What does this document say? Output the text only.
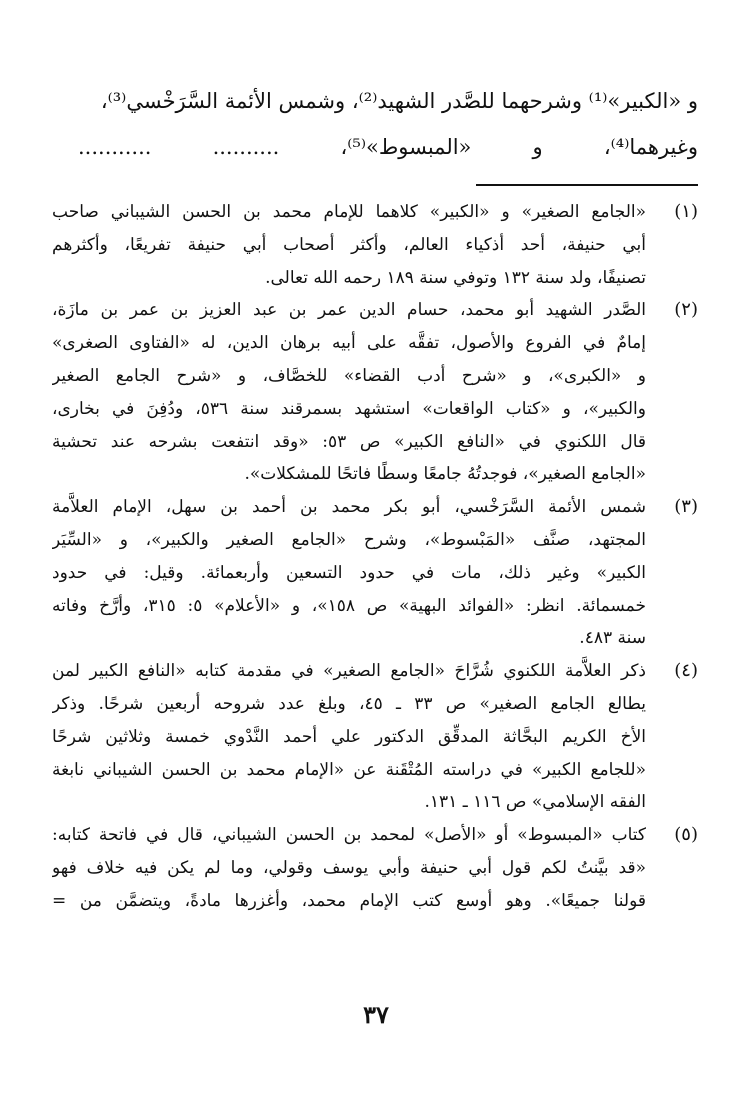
و «الكبير»⁽¹⁾ وشرحهما للصَّدر الشهيد⁽²⁾، وشمس الأئمة السَّرَخْسي⁽³⁾،
وغيرهما⁽⁴⁾، و «المبسوط»⁽⁵⁾، .......... ...........
(١)
«الجامع الصغير» و «الكبير» كلاهما للإمام محمد بن الحسن الشيباني صاحب
أبي حنيفة، أحد أذكياء العالم، وأكثر أصحاب أبي حنيفة تفريعًا، وأكثرهم
تصنيفًا، ولد سنة ١٣٢ وتوفي سنة ١٨٩ رحمه الله تعالى.
(٢)
الصَّدر الشهيد أبو محمد، حسام الدين عمر بن عبد العزيز بن عمر بن مازَة،
إمامٌ في الفروع والأصول، تفقَّه على أبيه برهان الدين، له «الفتاوى الصغرى»
و «الكبرى»، و «شرح أدب القضاء» للخصَّاف، و «شرح الجامع الصغير
والكبير»، و «كتاب الواقعات» استشهد بسمرقند سنة ٥٣٦، ودُفِنَ في بخارى،
قال اللكنوي في «النافع الكبير» ص ٥٣: «وقد انتفعت بشرحه عند تحشية
«الجامع الصغير»، فوجدتُهُ جامعًا وسطًا فاتحًا للمشكلات».
(٣)
شمس الأئمة السَّرَخْسي، أبو بكر محمد بن أحمد بن سهل، الإمام العلاَّمة
المجتهد، صنَّف «المَبْسوط»، وشرح «الجامع الصغير والكبير»، و «السِّيَر
الكبير» وغير ذلك، مات في حدود التسعين وأربعمائة. وقيل: في حدود
خمسمائة. انظر: «الفوائد البهية» ص ١٥٨»، و «الأعلام» ٥: ٣١٥، وأرَّخ وفاته
سنة ٤٨٣.
(٤)
ذكر العلاَّمة اللكنوي شُرَّاحَ «الجامع الصغير» في مقدمة كتابه «النافع الكبير لمن
يطالع الجامع الصغير» ص ٣٣ ـ ٤٥، وبلغ عدد شروحه أربعين شرحًا. وذكر
الأخ الكريم البحَّاثة المدقِّق الدكتور علي أحمد النَّدْوي خمسة وثلاثين شرحًا
«للجامع الكبير» في دراسته المُتْقَنة عن «الإمام محمد بن الحسن الشيباني نابغة
الفقه الإسلامي» ص ١١٦ ـ ١٣١.
(٥)
كتاب «المبسوط» أو «الأصل» لمحمد بن الحسن الشيباني، قال في فاتحة كتابه:
«قد بيَّنتُ لكم قول أبي حنيفة وأبي يوسف وقولي، وما لم يكن فيه خلاف فهو
قولنا جميعًا». وهو أوسع كتب الإمام محمد، وأغزرها مادةً، ويتضمَّن من =
٣٧
